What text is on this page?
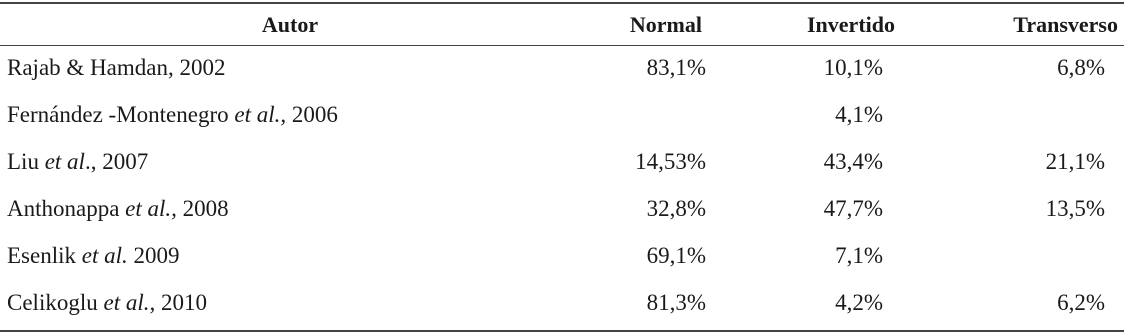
Autor	Normal	Invertido	Transverso
Rajab & Hamdan, 2002	83,1%	10,1%	6,8%
Fernández -Montenegro et al., 2006		4,1%	
Liu et al., 2007	14,53%	43,4%	21,1%
Anthonappa et al., 2008	32,8%	47,7%	13,5%
Esenlik et al. 2009	69,1%	7,1%	
Celikoglu et al., 2010	81,3%	4,2%	6,2%
